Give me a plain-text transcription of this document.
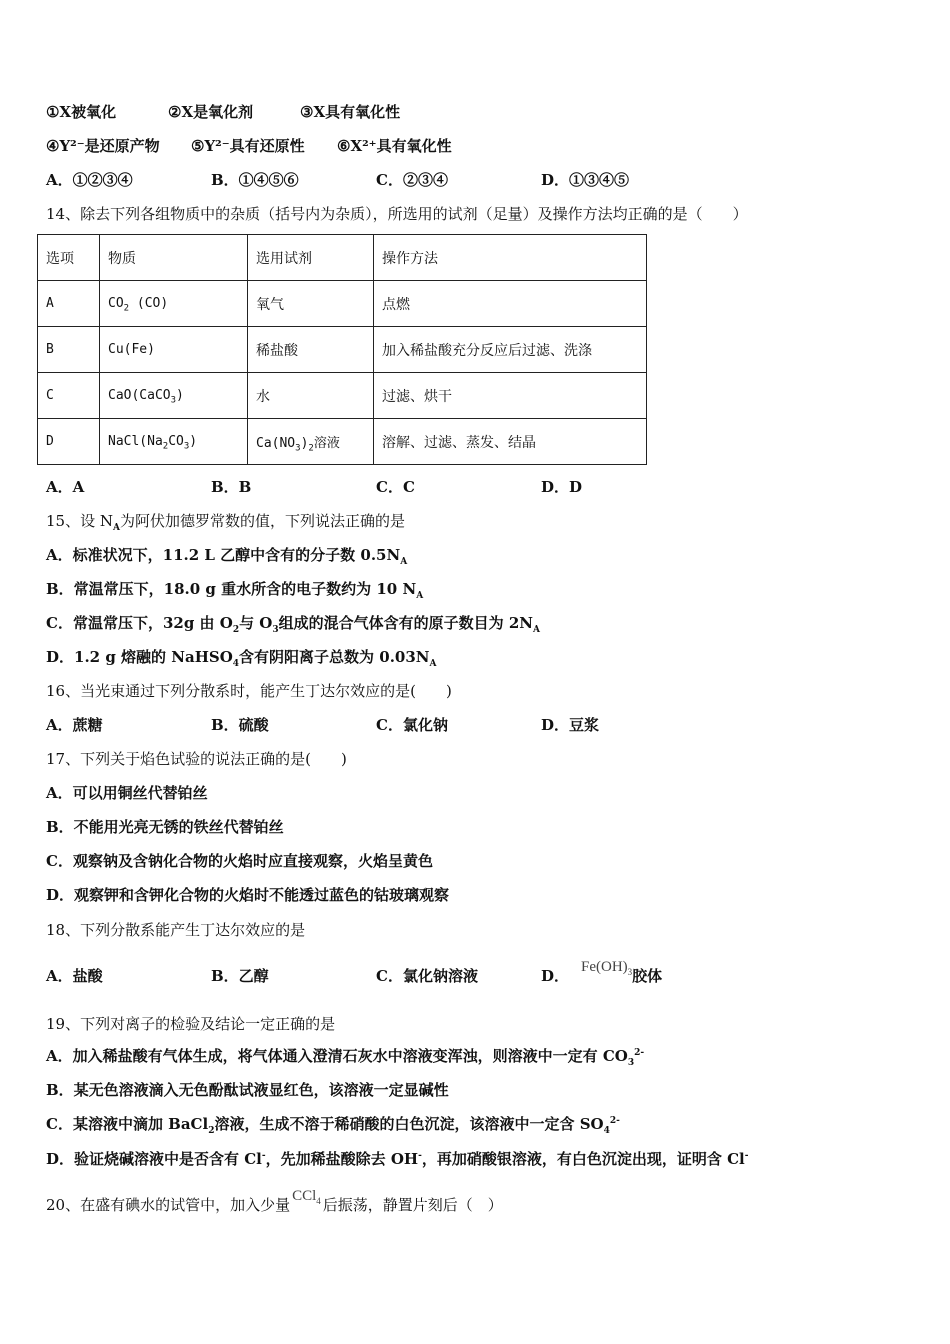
①X被氧化	②X是氧化剂	③X具有氧化性
④Y²⁻是还原产物 ⑤Y²⁻具有还原性 ⑥X²⁺具有氧化性
A．①②③④	B．①④⑤⑥	C．②③④	D．①③④⑤
14、除去下列各组物质中的杂质（括号内为杂质），所选用的试剂（足量）及操作方法均正确的是（　　）
选项	物质	选用试剂	操作方法
A	$CO_2$ (CO)	氧气	点燃
B	Cu(Fe)	稀盐酸	加入稀盐酸充分反应后过滤、洗涤
C	CaO(CaCO$_3$)	水	过滤、烘干
D	$NaCl(Na_2CO_3)$	$Ca(NO_3)_2$溶液	溶解、过滤、蒸发、结晶
A．A	B．B	C．C	D．D
15、设 $N_A$为阿伏加德罗常数的值，下列说法正确的是
A．标准状况下，11.2 L 乙醇中含有的分子数 $0.5N_A$
B．常温常压下，18.0 g 重水所含的电子数约为 10 $N_A$
C．常温常压下，32g 由 $O_2$与 $O_3$组成的混合气体含有的原子数目为 $2N_A$
D．1.2 g 熔融的 NaHSO$_4$含有阴阳离子总数为 $0.03N_A$
16、当光束通过下列分散系时，能产生丁达尔效应的是(　　)
A．蔗糖	B．硫酸	C．氯化钠	D．豆浆
17、下列关于焰色试验的说法正确的是(　　)
A．可以用铜丝代替铂丝
B．不能用光亮无锈的铁丝代替铂丝
C．观察钠及含钠化合物的火焰时应直接观察，火焰呈黄色
D．观察钾和含钾化合物的火焰时不能透过蓝色的钴玻璃观察
18、下列分散系能产生丁达尔效应的是
A．盐酸	B．乙醇	C．氯化钠溶液	D． $Fe(OH)_3$胶体
19、下列对离子的检验及结论一定正确的是
A．加入稀盐酸有气体生成，将气体通入澄清石灰水中溶液变浑浊，则溶液中一定有 $CO_3^{2-}$
B．某无色溶液滴入无色酚酞试液显红色，该溶液一定显碱性
C．某溶液中滴加 BaCl$_2$溶液，生成不溶于稀硝酸的白色沉淀，该溶液中一定含 $SO_4^{2-}$
D．验证烧碱溶液中是否含有 Cl-，先加稀盐酸除去 OH-，再加硝酸银溶液，有白色沉淀出现，证明含 Cl-
20、在盛有碘水的试管中，加入少量 CCl$_4$ 后振荡，静置片刻后（　）
